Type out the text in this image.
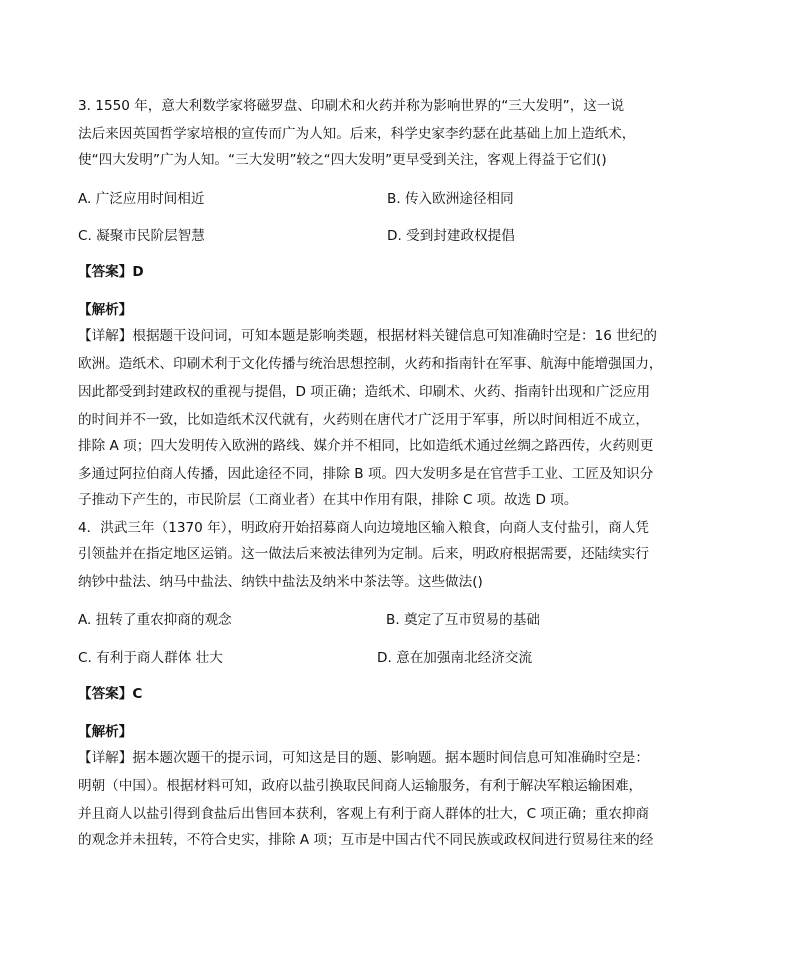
3. 1550 年，意大利数学家将磁罗盘、印刷术和火药并称为影响世界的“三大发明”，这一说
法后来因英国哲学家培根的宣传而广为人知。后来，科学史家李约瑟在此基础上加上造纸术，
使“四大发明”广为人知。“三大发明”较之“四大发明”更早受到关注，客观上得益于它们()
A. 广泛应用时间相近	B. 传入欧洲途径相同
C. 凝聚市民阶层智慧	D. 受到封建政权提倡
【答案】D
【解析】
【详解】根据题干设问词，可知本题是影响类题，根据材料关键信息可知准确时空是：16 世纪的
欧洲。造纸术、印刷术利于文化传播与统治思想控制，火药和指南针在军事、航海中能增强国力，
因此都受到封建政权的重视与提倡，D 项正确；造纸术、印刷术、火药、指南针出现和广泛应用
的时间并不一致，比如造纸术汉代就有，火药则在唐代才广泛用于军事，所以时间相近不成立，
排除 A 项；四大发明传入欧洲的路线、媒介并不相同，比如造纸术通过丝绸之路西传，火药则更
多通过阿拉伯商人传播，因此途径不同，排除 B 项。四大发明多是在官营手工业、工匠及知识分
子推动下产生的，市民阶层（工商业者）在其中作用有限，排除 C 项。故选 D 项。
4．洪武三年（1370 年），明政府开始招募商人向边境地区输入粮食，向商人支付盐引，商人凭
引领盐并在指定地区运销。这一做法后来被法律列为定制。后来，明政府根据需要，还陆续实行
纳钞中盐法、纳马中盐法、纳铁中盐法及纳米中茶法等。这些做法()
A. 扭转了重农抑商的观念	B. 奠定了互市贸易的基础
C. 有利于商人群体 壮大	D. 意在加强南北经济交流
【答案】C
【解析】
【详解】据本题次题干的提示词，可知这是目的题、影响题。据本题时间信息可知准确时空是：
明朝（中国）。根据材料可知，政府以盐引换取民间商人运输服务，有利于解决军粮运输困难，
并且商人以盐引得到食盐后出售回本获利，客观上有利于商人群体的壮大，C 项正确；重农抑商
的观念并未扭转，不符合史实，排除 A 项；互市是中国古代不同民族或政权间进行贸易往来的经
